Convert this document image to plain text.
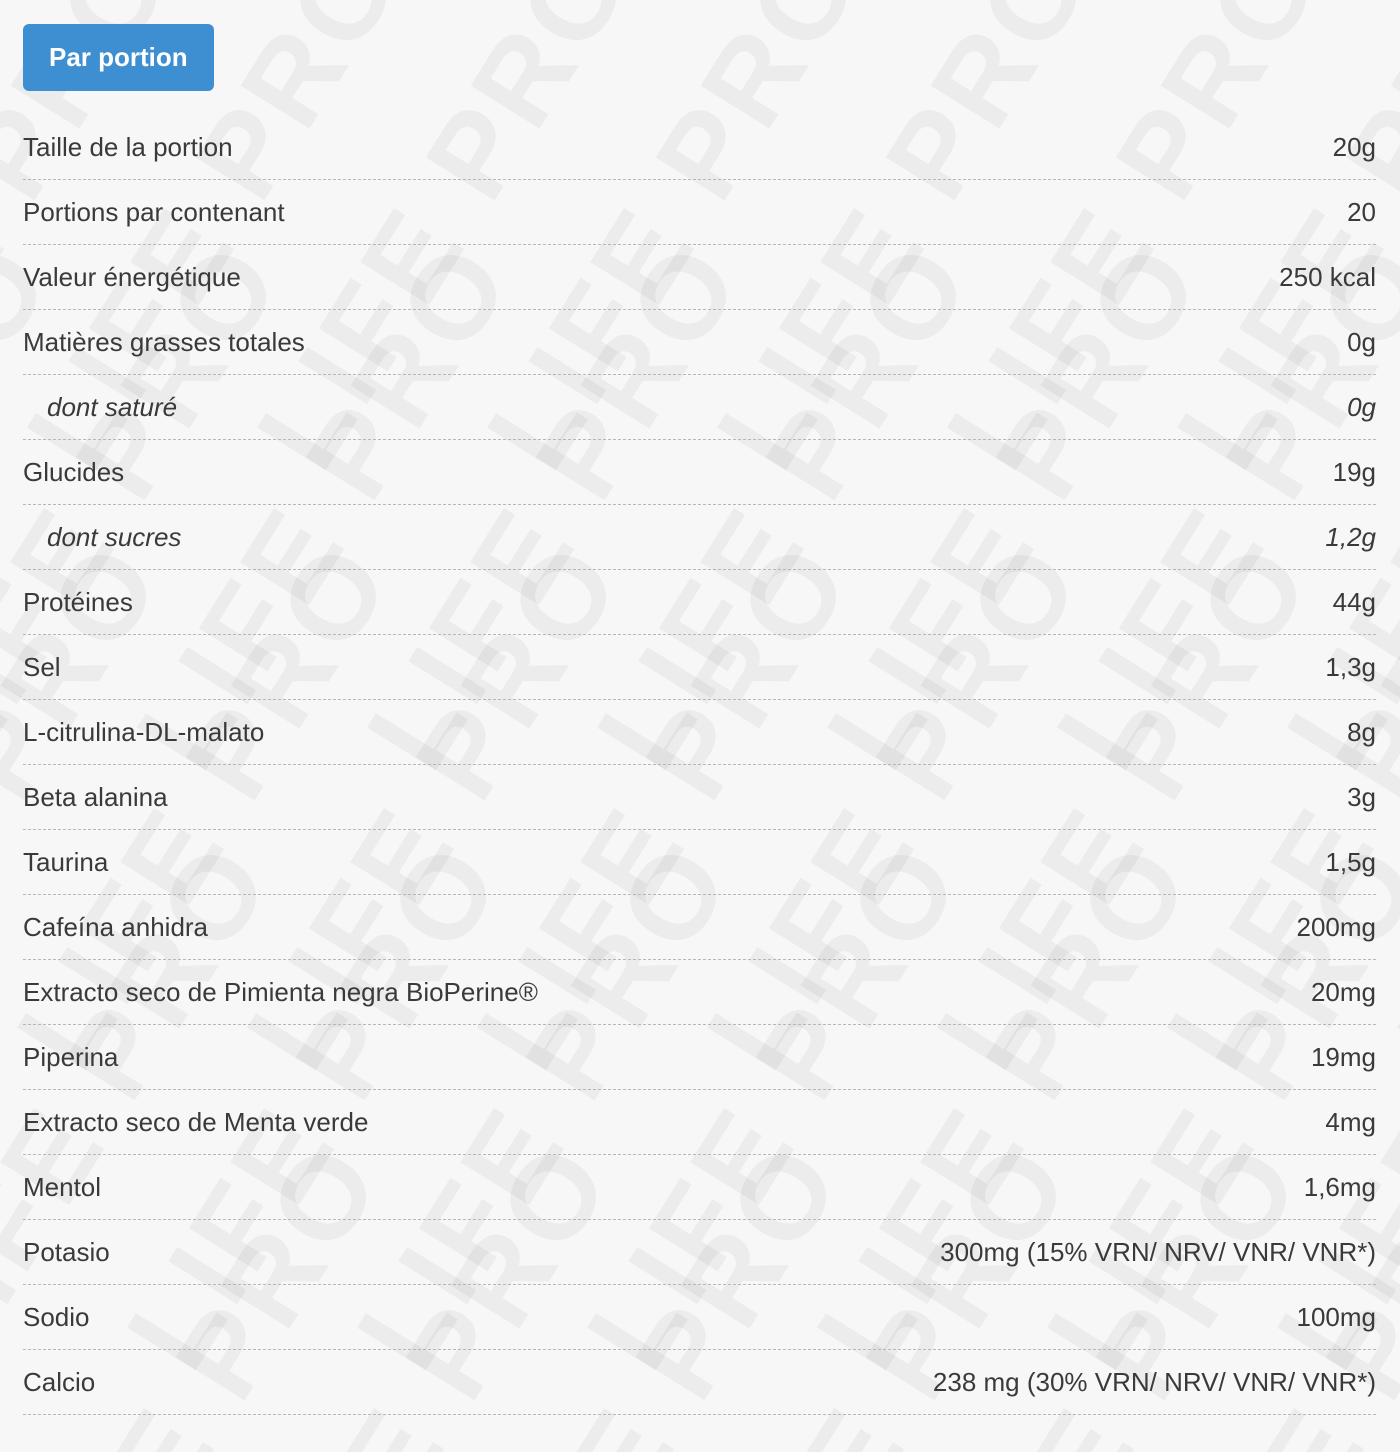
Par portion
Taille de la portion	20g
Portions par contenant	20
Valeur énergétique	250 kcal
Matières grasses totales	0g
dont saturé	0g
Glucides	19g
dont sucres	1,2g
Protéines	44g
Sel	1,3g
L-citrulina-DL-malato	8g
Beta alanina	3g
Taurina	1,5g
Cafeína anhidra	200mg
Extracto seco de Pimienta negra BioPerine®	20mg
Piperina	19mg
Extracto seco de Menta verde	4mg
Mentol	1,6mg
Potasio	300mg (15% VRN/ NRV/ VNR/ VNR*)
Sodio	100mg
Calcio	238 mg (30% VRN/ NRV/ VNR/ VNR*)
